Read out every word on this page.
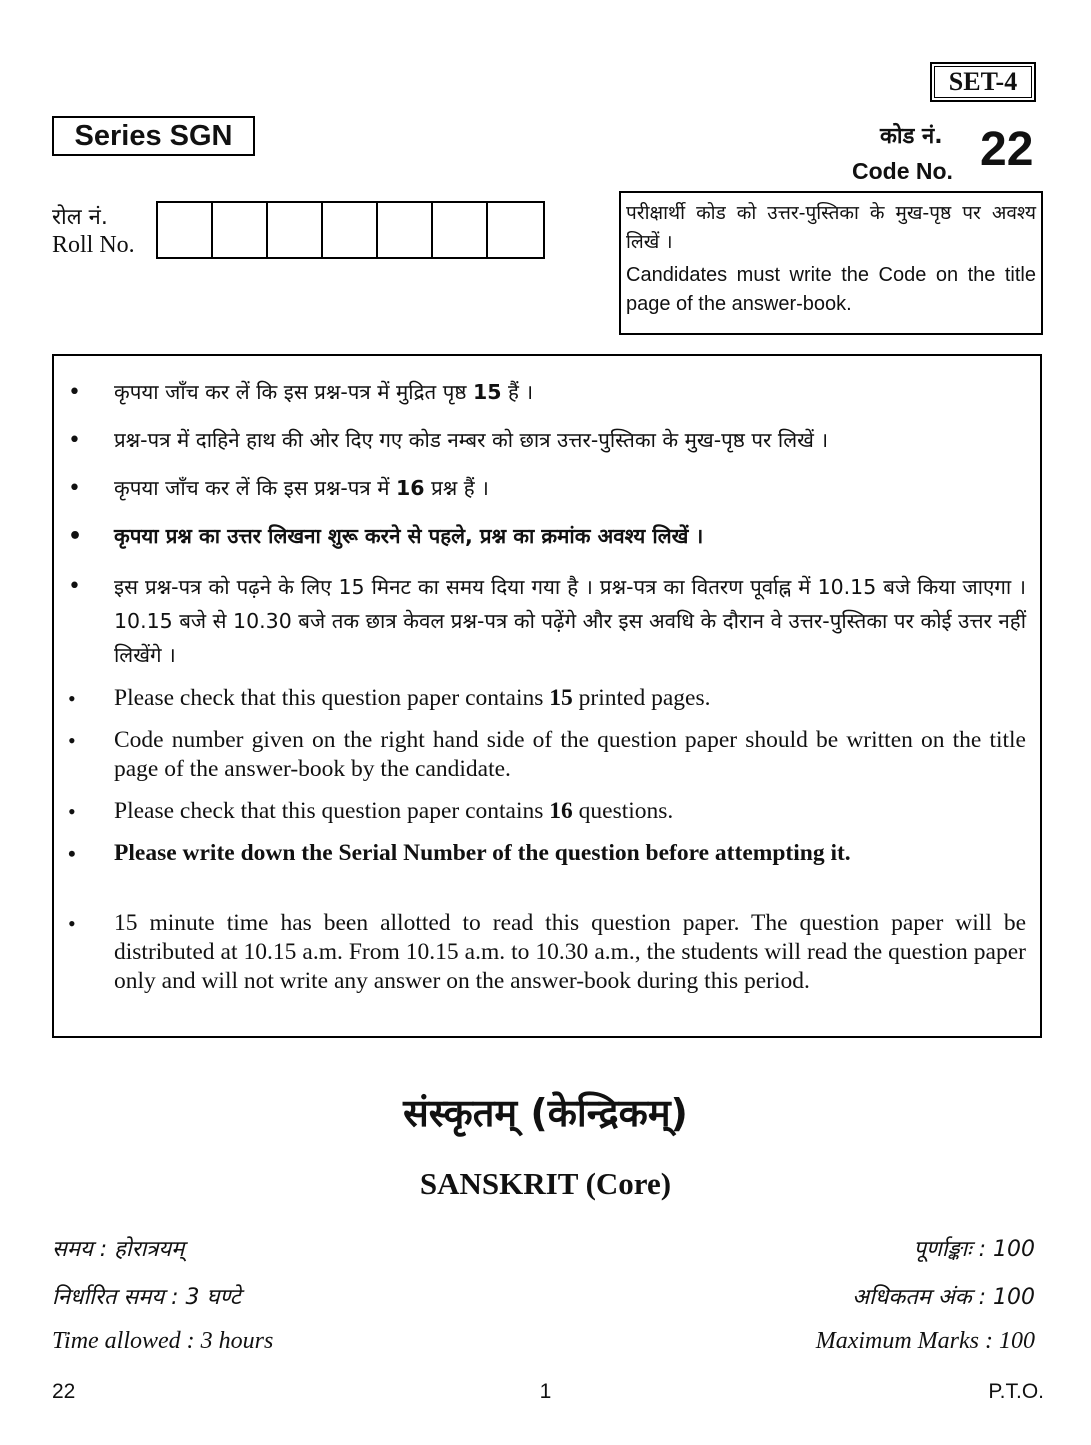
SET-4
Series SGN	कोड नं.
Code No. 22
रोल नं.
Roll No.
परीक्षार्थी कोड को उत्तर-पुस्तिका के मुख-पृष्ठ पर अवश्य लिखें ।
Candidates must write the Code on the title page of the answer-book.
• कृपया जाँच कर लें कि इस प्रश्न-पत्र में मुद्रित पृष्ठ 15 हैं ।
• प्रश्न-पत्र में दाहिने हाथ की ओर दिए गए कोड नम्बर को छात्र उत्तर-पुस्तिका के मुख-पृष्ठ पर लिखें ।
• कृपया जाँच कर लें कि इस प्रश्न-पत्र में 16 प्रश्न हैं ।
• कृपया प्रश्न का उत्तर लिखना शुरू करने से पहले, प्रश्न का क्रमांक अवश्य लिखें ।
• इस प्रश्न-पत्र को पढ़ने के लिए 15 मिनट का समय दिया गया है । प्रश्न-पत्र का वितरण पूर्वाह्न में 10.15 बजे किया जाएगा । 10.15 बजे से 10.30 बजे तक छात्र केवल प्रश्न-पत्र को पढ़ेंगे और इस अवधि के दौरान वे उत्तर-पुस्तिका पर कोई उत्तर नहीं लिखेंगे ।
• Please check that this question paper contains 15 printed pages.
• Code number given on the right hand side of the question paper should be written on the title page of the answer-book by the candidate.
• Please check that this question paper contains 16 questions.
• Please write down the Serial Number of the question before attempting it.
• 15 minute time has been allotted to read this question paper. The question paper will be distributed at 10.15 a.m. From 10.15 a.m. to 10.30 a.m., the students will read the question paper only and will not write any answer on the answer-book during this period.
संस्कृतम् (केन्द्रिकम्)
SANSKRIT (Core)
समय : होरात्रयम्	पूर्णाङ्काः : 100
निर्धारित समय : 3 घण्टे	अधिकतम अंक : 100
Time allowed : 3 hours	Maximum Marks : 100
22	1	P.T.O.
